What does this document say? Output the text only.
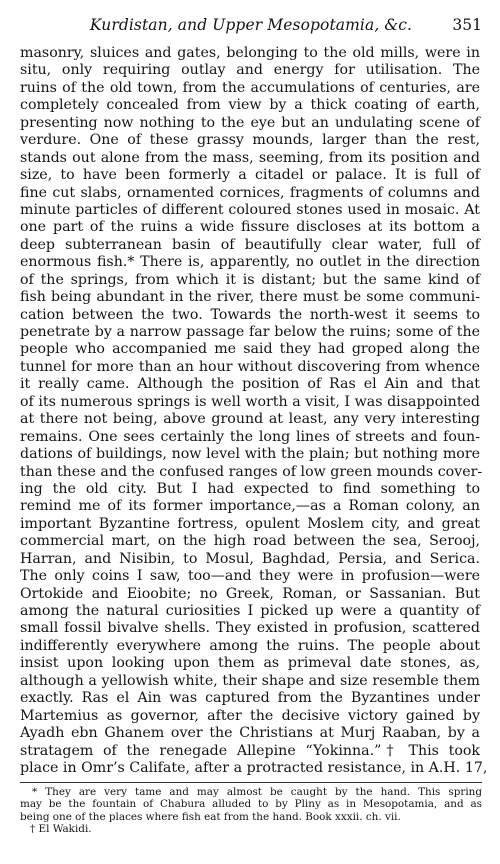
Kurdistan, and Upper Mesopotamia, &c.	351
masonry, sluices and gates, belonging to the old mills, were in
situ, only requiring outlay and energy for utilisation. The
ruins of the old town, from the accumulations of centuries, are
completely concealed from view by a thick coating of earth,
presenting now nothing to the eye but an undulating scene of
verdure. One of these grassy mounds, larger than the rest,
stands out alone from the mass, seeming, from its position and
size, to have been formerly a citadel or palace. It is full of
fine cut slabs, ornamented cornices, fragments of columns and
minute particles of different coloured stones used in mosaic. At
one part of the ruins a wide fissure discloses at its bottom a
deep subterranean basin of beautifully clear water, full of
enormous fish.* There is, apparently, no outlet in the direction
of the springs, from which it is distant; but the same kind of
fish being abundant in the river, there must be some communi-
cation between the two. Towards the north-west it seems to
penetrate by a narrow passage far below the ruins; some of the
people who accompanied me said they had groped along the
tunnel for more than an hour without discovering from whence
it really came. Although the position of Ras el Ain and that
of its numerous springs is well worth a visit, I was disappointed
at there not being, above ground at least, any very interesting
remains. One sees certainly the long lines of streets and foun-
dations of buildings, now level with the plain; but nothing more
than these and the confused ranges of low green mounds cover-
ing the old city. But I had expected to find something to
remind me of its former importance,—as a Roman colony, an
important Byzantine fortress, opulent Moslem city, and great
commercial mart, on the high road between the sea, Serooj,
Harran, and Nisibin, to Mosul, Baghdad, Persia, and Serica.
The only coins I saw, too—and they were in profusion—were
Ortokide and Eioobite; no Greek, Roman, or Sassanian. But
among the natural curiosities I picked up were a quantity of
small fossil bivalve shells. They existed in profusion, scattered
indifferently everywhere among the ruins. The people about
insist upon looking upon them as primeval date stones, as,
although a yellowish white, their shape and size resemble them
exactly. Ras el Ain was captured from the Byzantines under
Martemius as governor, after the decisive victory gained by
Ayadh ebn Ghanem over the Christians at Murj Raaban, by a
stratagem of the renegade Allepine “Yokinna.”† This took
place in Omr’s Califate, after a protracted resistance, in A.H. 17,
* They are very tame and may almost be caught by the hand. This spring
may be the fountain of Chabura alluded to by Pliny as in Mesopotamia, and as
being one of the places where fish eat from the hand. Book xxxii. ch. vii.
† El Wakidi.
